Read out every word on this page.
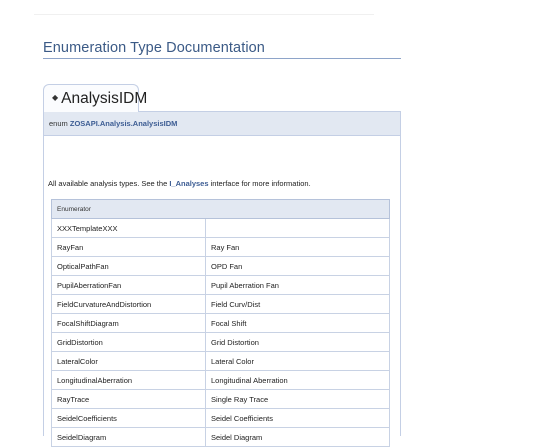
Enumeration Type Documentation
◆ AnalysisIDM
enum ZOSAPI.Analysis.AnalysisIDM
All available analysis types. See the I_Analyses interface for more information.
Enumerator	
XXXTemplateXXX	
RayFan	Ray Fan
OpticalPathFan	OPD Fan
PupilAberrationFan	Pupil Aberration Fan
FieldCurvatureAndDistortion	Field Curv/Dist
FocalShiftDiagram	Focal Shift
GridDistortion	Grid Distortion
LateralColor	Lateral Color
LongitudinalAberration	Longitudinal Aberration
RayTrace	Single Ray Trace
SeidelCoefficients	Seidel Coefficients
SeidelDiagram	Seidel Diagram
